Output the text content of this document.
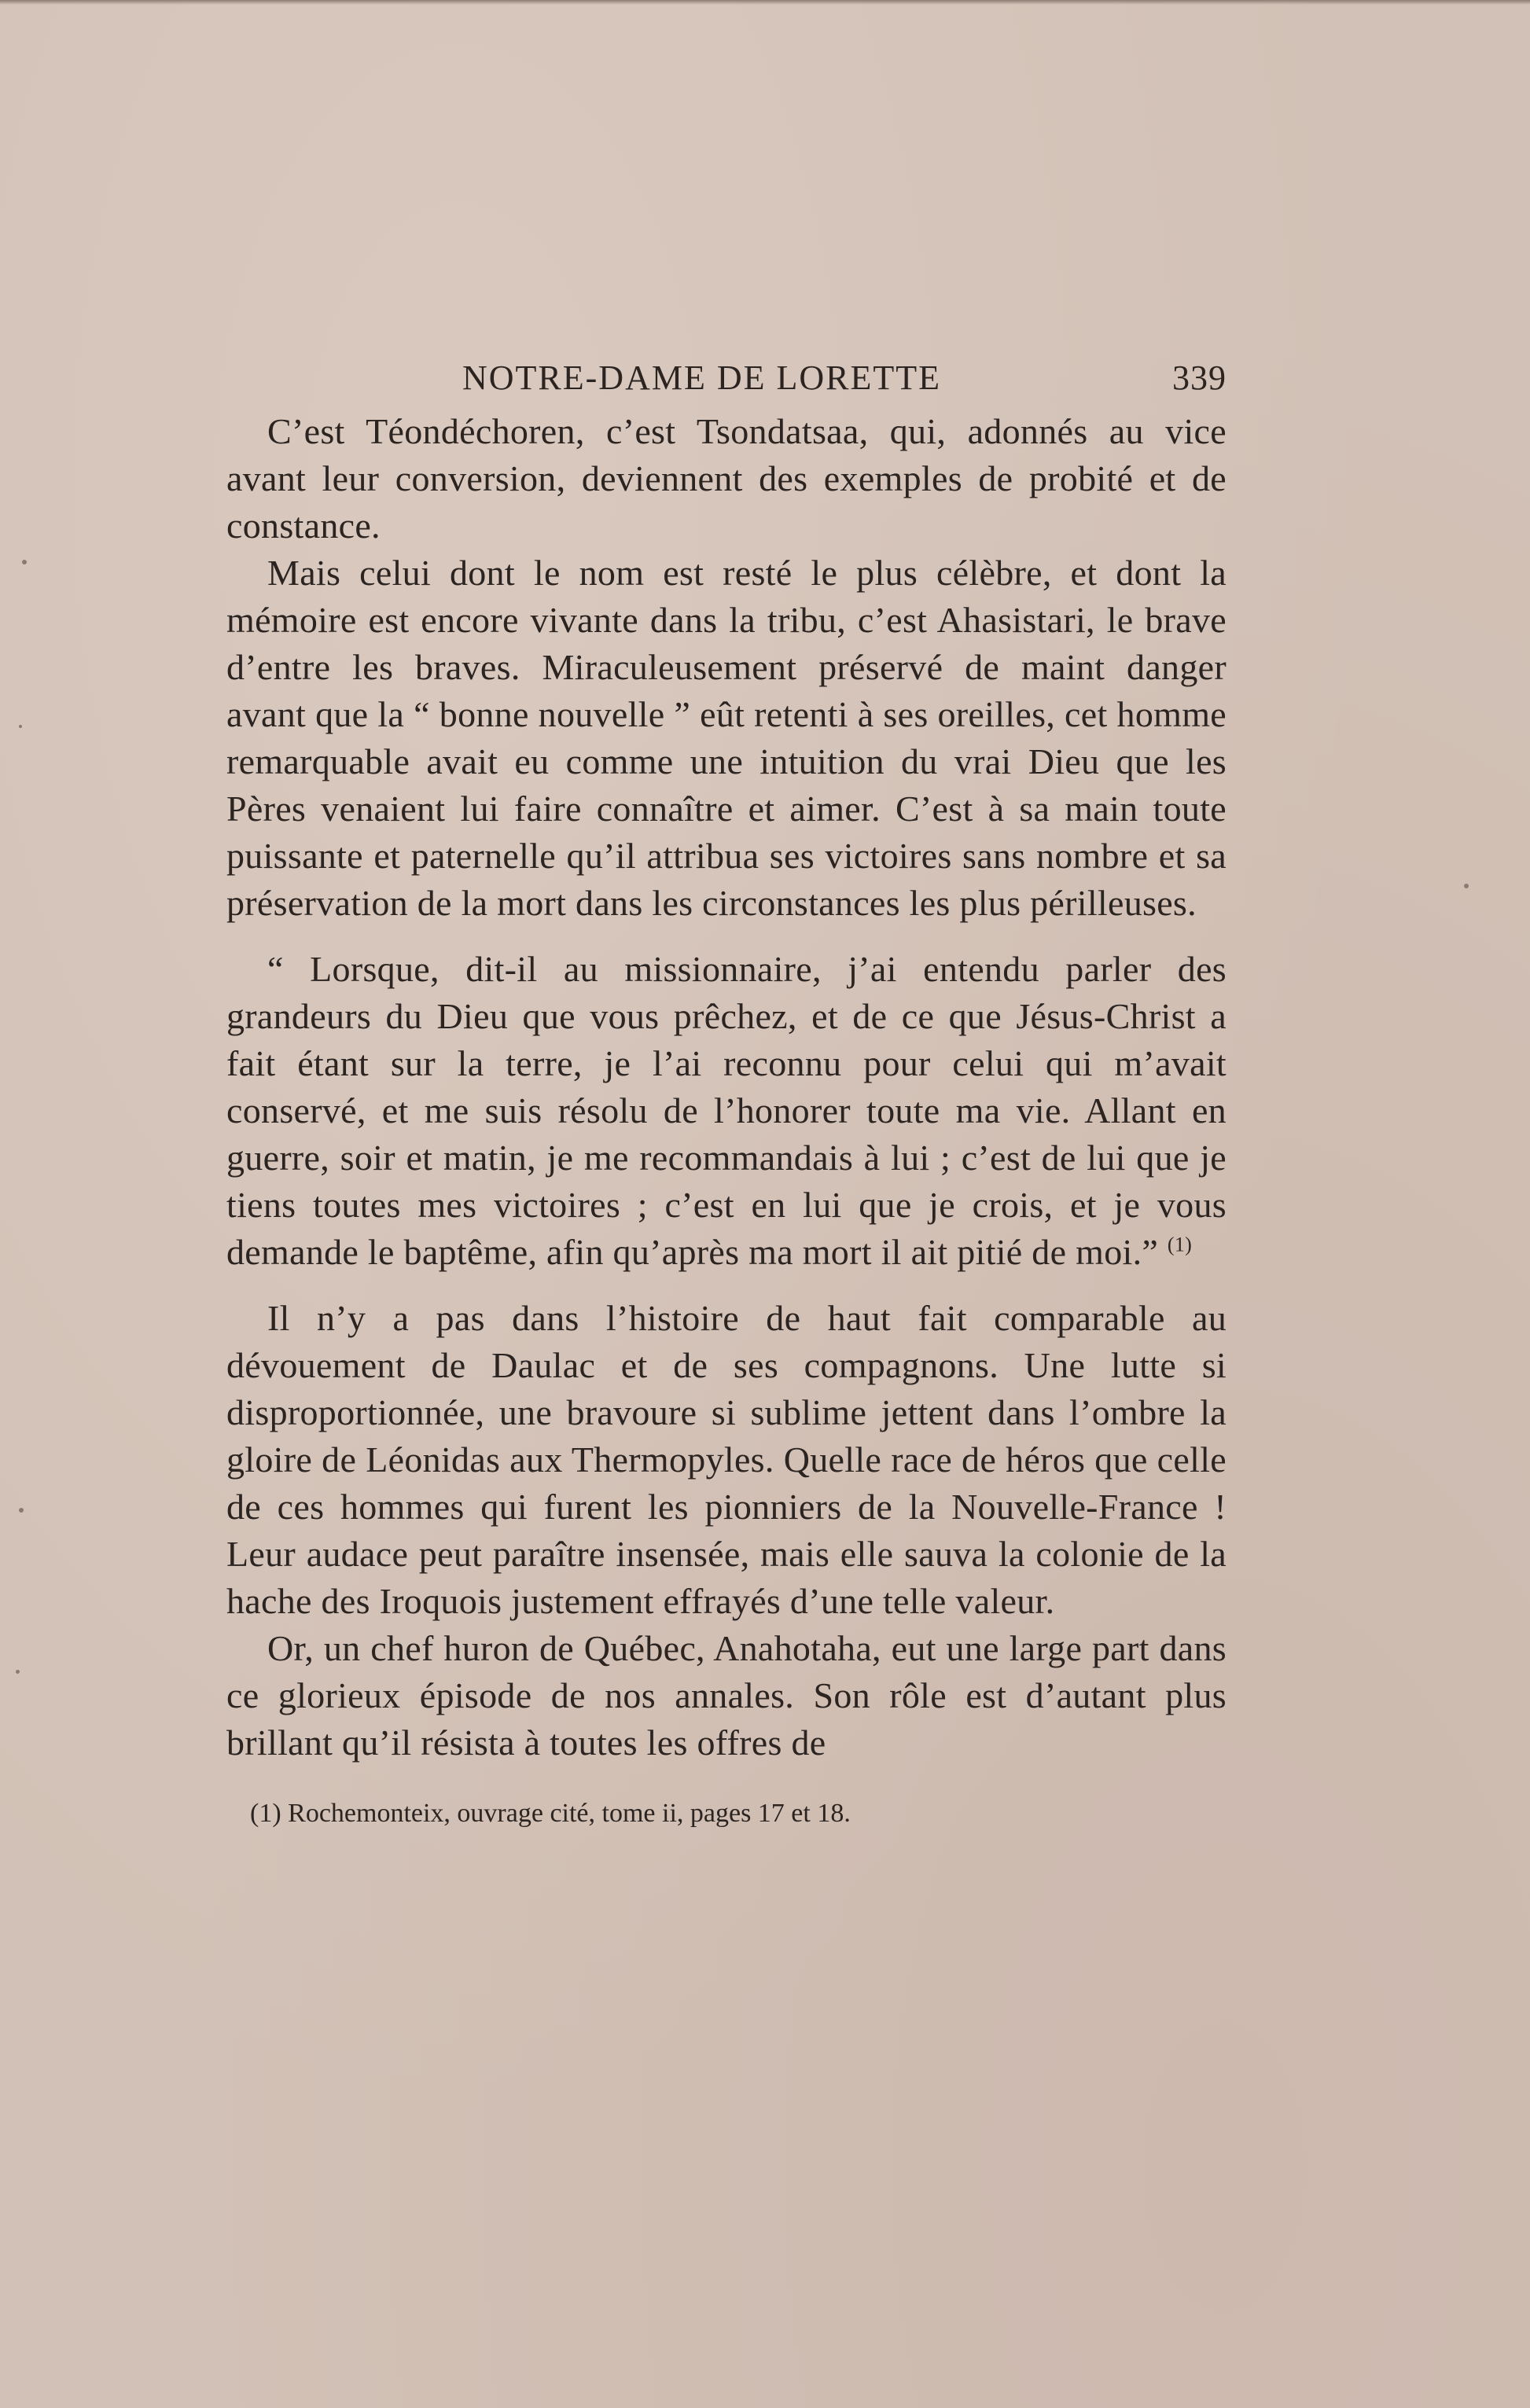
NOTRE-DAME DE LORETTE	339

C’est Téondéchoren, c’est Tsondatsaa, qui, adonnés au vice avant leur conversion, deviennent des exemples de probité et de constance.

Mais celui dont le nom est resté le plus célèbre, et dont la mémoire est encore vivante dans la tribu, c’est Ahasistari, le brave d’entre les braves. Miraculeusement préservé de maint danger avant que la “ bonne nouvelle ” eût retenti à ses oreilles, cet homme remarquable avait eu comme une intuition du vrai Dieu que les Pères venaient lui faire connaître et aimer. C’est à sa main toute puissante et paternelle qu’il attribua ses victoires sans nombre et sa préservation de la mort dans les circonstances les plus périlleuses.

“ Lorsque, dit-il au missionnaire, j’ai entendu parler des grandeurs du Dieu que vous prêchez, et de ce que Jésus-Christ a fait étant sur la terre, je l’ai reconnu pour celui qui m’avait conservé, et me suis résolu de l’honorer toute ma vie. Allant en guerre, soir et matin, je me recommandais à lui ; c’est de lui que je tiens toutes mes victoires ; c’est en lui que je crois, et je vous demande le baptême, afin qu’après ma mort il ait pitié de moi.” $^{(1)}$

Il n’y a pas dans l’histoire de haut fait comparable au dévouement de Daulac et de ses compagnons. Une lutte si disproportionnée, une bravoure si sublime jettent dans l’ombre la gloire de Léonidas aux Thermopyles. Quelle race de héros que celle de ces hommes qui furent les pionniers de la Nouvelle-France ! Leur audace peut paraître insensée, mais elle sauva la colonie de la hache des Iroquois justement effrayés d’une telle valeur.

Or, un chef huron de Québec, Anahotaha, eut une large part dans ce glorieux épisode de nos annales. Son rôle est d’autant plus brillant qu’il résista à toutes les offres de

(1) Rochemonteix, ouvrage cité, tome ii, pages 17 et 18.
